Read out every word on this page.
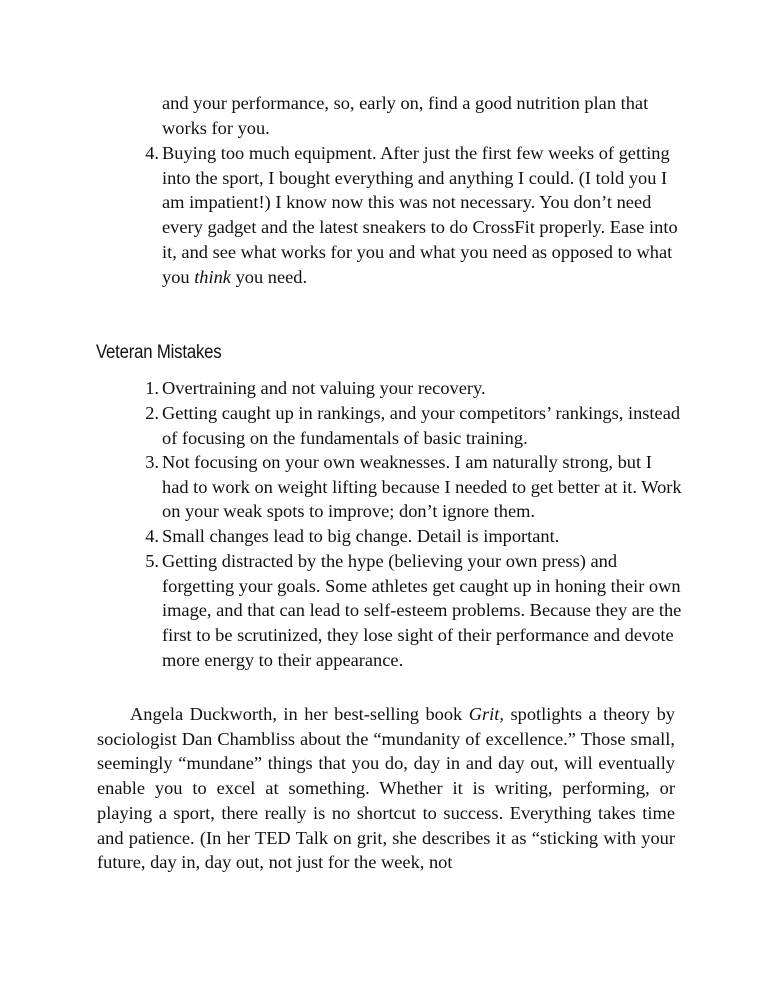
and your performance, so, early on, find a good nutrition plan that works for you.

4. Buying too much equipment. After just the first few weeks of getting into the sport, I bought everything and anything I could. (I told you I am impatient!) I know now this was not necessary. You don’t need every gadget and the latest sneakers to do CrossFit properly. Ease into it, and see what works for you and what you need as opposed to what you think you need.

Veteran Mistakes
1. Overtraining and not valuing your recovery.

2. Getting caught up in rankings, and your competitors’ rankings, instead of focusing on the fundamentals of basic training.

3. Not focusing on your own weaknesses. I am naturally strong, but I had to work on weight lifting because I needed to get better at it. Work on your weak spots to improve; don’t ignore them.

4. Small changes lead to big change. Detail is important.

5. Getting distracted by the hype (believing your own press) and forgetting your goals. Some athletes get caught up in honing their own image, and that can lead to self-esteem problems. Because they are the first to be scrutinized, they lose sight of their performance and devote more energy to their appearance.

Angela Duckworth, in her best-selling book Grit, spotlights a theory by sociologist Dan Chambliss about the “mundanity of excellence.” Those small, seemingly “mundane” things that you do, day in and day out, will eventually enable you to excel at something. Whether it is writing, performing, or playing a sport, there really is no shortcut to success. Everything takes time and patience. (In her TED Talk on grit, she describes it as “sticking with your future, day in, day out, not just for the week, not
